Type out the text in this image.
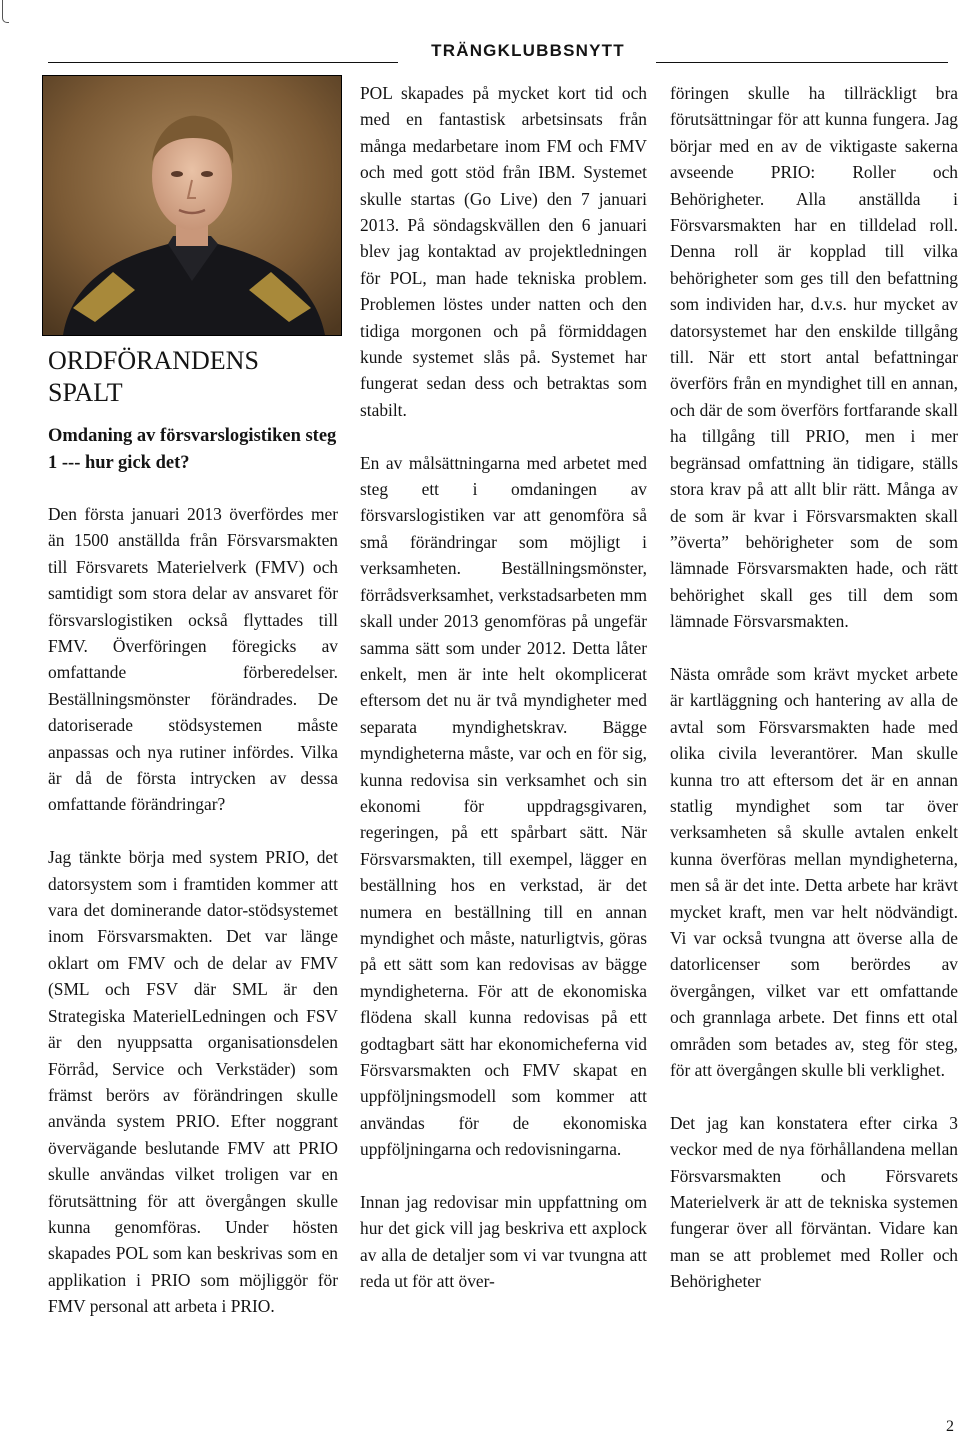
TRÄNGKLUBBSNYTT
ORDFÖRANDENS SPALT
Omdaning av försvarslogistiken steg 1 --- hur gick det?

Den första januari 2013 överfördes mer än 1500 anställda från Försvarsmakten till Försvarets Materielverk (FMV) och samtidigt som stora delar av ansvaret för försvarslogistiken också flyttades till FMV. Överföringen föregicks av omfattande förberedelser. Beställningsmönster förändrades. De datoriserade stödsystemen måste anpassas och nya rutiner infördes. Vilka är då de första intrycken av dessa omfattande förändringar?

Jag tänkte börja med system PRIO, det datorsystem som i framtiden kommer att vara det dominerande dator-stödsystemet inom Försvarsmakten. Det var länge oklart om FMV och de delar av FMV (SML och FSV där SML är den Strategiska MaterielLedningen och FSV är den nyuppsatta organisationsdelen Förråd, Service och Verkstäder) som främst berörs av förändringen skulle använda system PRIO. Efter noggrant övervägande beslutande FMV att PRIO skulle användas vilket troligen var en förutsättning för att övergången skulle kunna genomföras. Under hösten skapades POL som kan beskrivas som en applikation i PRIO som möjliggör för FMV personal att arbeta i PRIO.

POL skapades på mycket kort tid och med en fantastisk arbetsinsats från många medarbetare inom FM och FMV och med gott stöd från IBM. Systemet skulle startas (Go Live) den 7 januari 2013. På söndagskvällen den 6 januari blev jag kontaktad av projektledningen för POL, man hade tekniska problem. Problemen löstes under natten och den tidiga morgonen och på förmiddagen kunde systemet slås på. Systemet har fungerat sedan dess och betraktas som stabilt.

En av målsättningarna med arbetet med steg ett i omdaningen av försvarslogistiken var att genomföra så små förändringar som möjligt i verksamheten. Beställningsmönster, förrådsverksamhet, verkstadsarbeten mm skall under 2013 genomföras på ungefär samma sätt som under 2012. Detta låter enkelt, men är inte helt okomplicerat eftersom det nu är två myndigheter med separata myndighetskrav. Bägge myndigheterna måste, var och en för sig, kunna redovisa sin verksamhet och sin ekonomi för uppdragsgivaren, regeringen, på ett spårbart sätt. När Försvarsmakten, till exempel, lägger en beställning hos en verkstad, är det numera en beställning till en annan myndighet och måste, naturligtvis, göras på ett sätt som kan redovisas av bägge myndigheterna. För att de ekonomiska flödena skall kunna redovisas på ett godtagbart sätt har ekonomicheferna vid Försvarsmakten och FMV skapat en uppföljningsmodell som kommer att användas för de ekonomiska uppföljningarna och redovisningarna.

Innan jag redovisar min uppfattning om hur det gick vill jag beskriva ett axplock av alla de detaljer som vi var tvungna att reda ut för att över-

föringen skulle ha tillräckligt bra förutsättningar för att kunna fungera. Jag börjar med en av de viktigaste sakerna avseende PRIO: Roller och Behörigheter. Alla anställda i Försvarsmakten har en tilldelad roll. Denna roll är kopplad till vilka behörigheter som ges till den befattning som individen har, d.v.s. hur mycket av datorsystemet har den enskilde tillgång till. När ett stort antal befattningar överförs från en myndighet till en annan, och där de som överförs fortfarande skall ha tillgång till PRIO, men i mer begränsad omfattning än tidigare, ställs stora krav på att allt blir rätt. Många av de som är kvar i Försvarsmakten skall ”överta” behörigheter som de som lämnade Försvarsmakten hade, och rätt behörighet skall ges till dem som lämnade Försvarsmakten.

Nästa område som krävt mycket arbete är kartläggning och hantering av alla de avtal som Försvarsmakten hade med olika civila leverantörer. Man skulle kunna tro att eftersom det är en annan statlig myndighet som tar över verksamheten så skulle avtalen enkelt kunna överföras mellan myndigheterna, men så är det inte. Detta arbete har krävt mycket kraft, men var helt nödvändigt. Vi var också tvungna att överse alla de datorlicenser som berördes av övergången, vilket var ett omfattande och grannlaga arbete. Det finns ett otal områden som betades av, steg för steg, för att övergången skulle bli verklighet.

Det jag kan konstatera efter cirka 3 veckor med de nya förhållandena mellan Försvarsmakten och Försvarets Materielverk är att de tekniska systemen fungerar över all förväntan. Vidare kan man se att problemet med Roller och Behörigheter

2
